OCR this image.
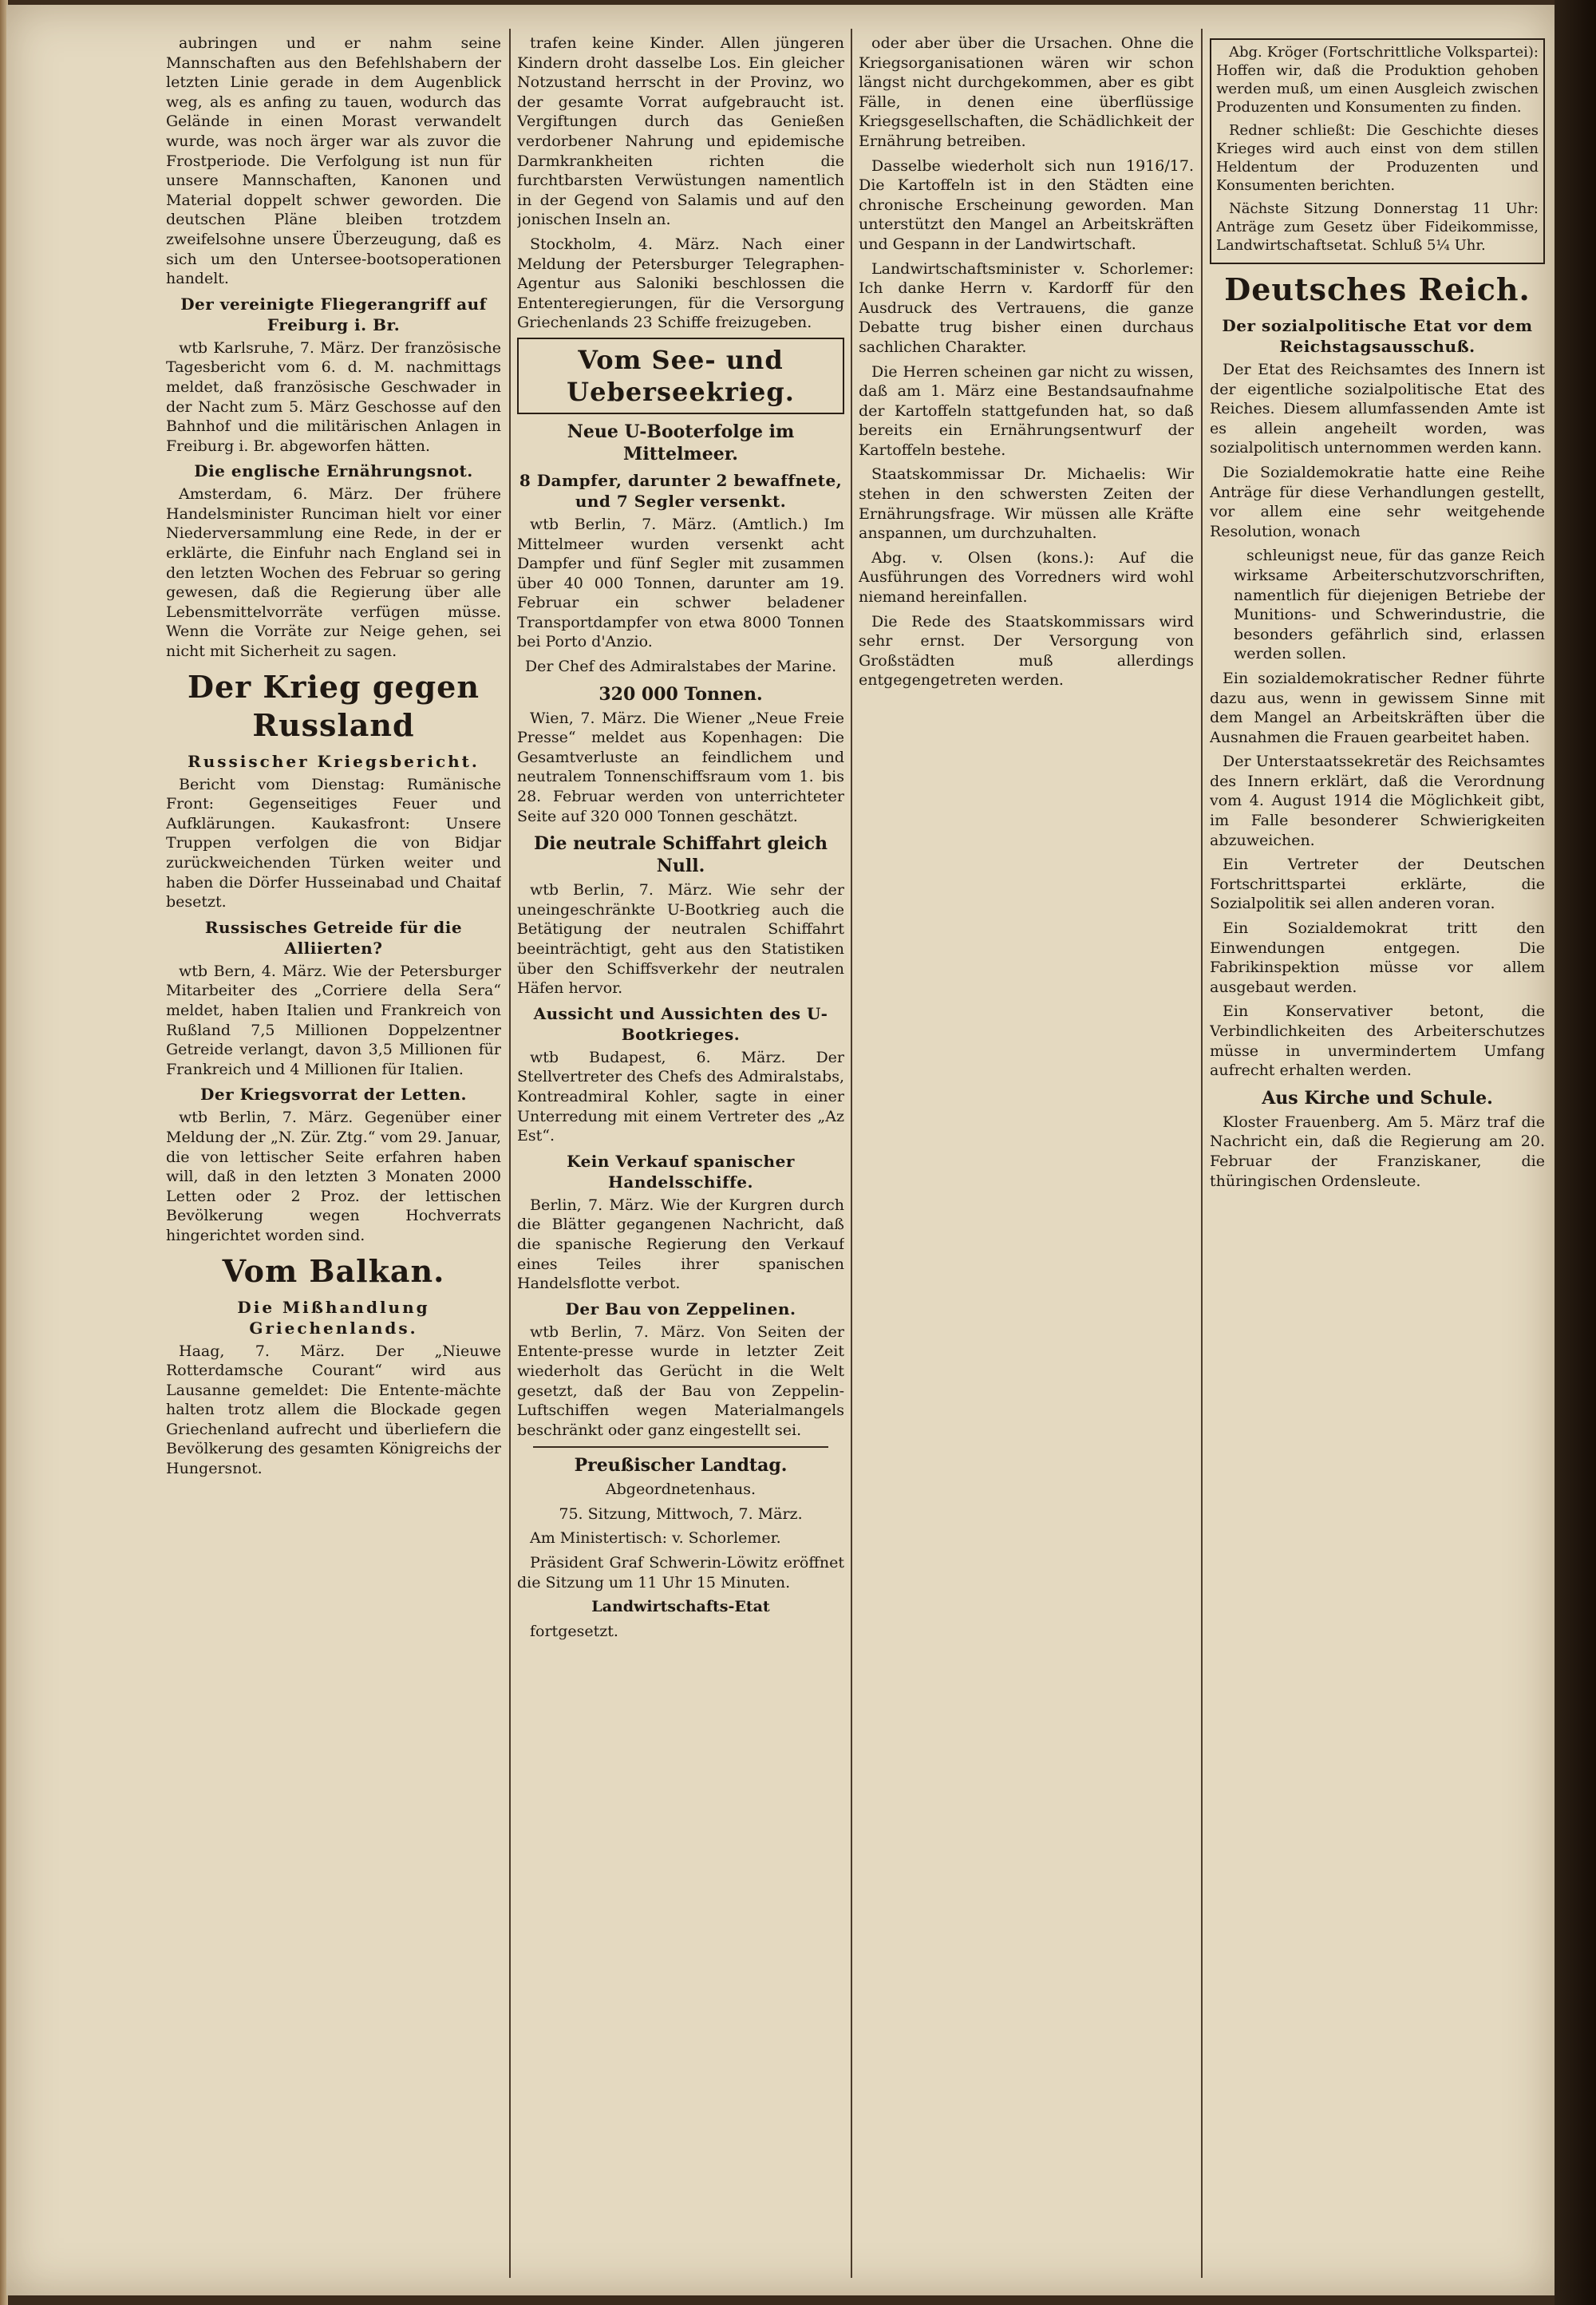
aubringen und er nahm seine Mannschaften aus den Befehlshabern der letzten Linie gerade in dem Augenblick weg, als es anfing zu tauen, wodurch das Gelände in einen Morast verwandelt wurde, was noch ärger war als zuvor die Frostperiode. Die Verfolgung ist nun für unsere Mannschaften, Kanonen und Material doppelt schwer geworden. Die deutschen Pläne bleiben trotzdem zweifelsohne unsere Überzeugung, daß es sich um den Untersee-bootsoperationen handelt.

Der vereinigte Fliegerangriff auf Freiburg i. Br.

wtb Karlsruhe, 7. März. Der französische Tagesbericht vom 6. d. M. nachmittags meldet, daß französische Geschwader in der Nacht zum 5. März Geschosse auf den Bahnhof und die militärischen Anlagen in Freiburg i. Br. abgeworfen hätten.

Die englische Ernährungsnot.

Amsterdam, 6. März. Der frühere Handelsminister Runciman hielt vor einer Niederversammlung eine Rede, in der er erklärte, die Einfuhr nach England sei in den letzten Wochen des Februar so gering gewesen, daß die Regierung über alle Lebensmittelvorräte verfügen müsse. Wenn die Vorräte zur Neige gehen, sei nicht mit Sicherheit zu sagen.

Der Krieg gegen Russland
Russischer Kriegsbericht.

Bericht vom Dienstag: Rumänische Front: Gegenseitiges Feuer und Aufklärungen. Kaukasfront: Unsere Truppen verfolgen die von Bidjar zurückweichenden Türken weiter und haben die Dörfer Husseinabad und Chaitaf besetzt.

Russisches Getreide für die Alliierten?

wtb Bern, 4. März. Wie der Petersburger Mitarbeiter des „Corriere della Sera“ meldet, haben Italien und Frankreich von Rußland 7,5 Millionen Doppelzentner Getreide verlangt, davon 3,5 Millionen für Frankreich und 4 Millionen für Italien.

Der Kriegsvorrat der Letten.

wtb Berlin, 7. März. Gegenüber einer Meldung der „N. Zür. Ztg.“ vom 29. Januar, die von lettischer Seite erfahren haben will, daß in den letzten 3 Monaten 2000 Letten oder 2 Proz. der lettischen Bevölkerung wegen Hochverrats hingerichtet worden sind.

Vom Balkan.
Die Mißhandlung Griechenlands.

Haag, 7. März. Der „Nieuwe Rotterdamsche Courant“ wird aus Lausanne gemeldet: Die Entente-mächte halten trotz allem die Blockade gegen Griechenland aufrecht und überliefern die Bevölkerung des gesamten Königreichs der Hungersnot.

trafen keine Kinder. Allen jüngeren Kindern droht dasselbe Los. Ein gleicher Notzustand herrscht in der Provinz, wo der gesamte Vorrat aufgebraucht ist. Vergiftungen durch das Genießen verdorbener Nahrung und epidemische Darmkrankheiten richten die furchtbarsten Verwüstungen namentlich in der Gegend von Salamis und auf den jonischen Inseln an.

Stockholm, 4. März. Nach einer Meldung der Petersburger Telegraphen-Agentur aus Saloniki beschlossen die Ententeregierungen, für die Versorgung Griechenlands 23 Schiffe freizugeben.

Vom See- und Ueberseekrieg.
Neue U-Booterfolge im Mittelmeer.
8 Dampfer, darunter 2 bewaffnete, und 7 Segler versenkt.

wtb Berlin, 7. März. (Amtlich.) Im Mittelmeer wurden versenkt acht Dampfer und fünf Segler mit zusammen über 40 000 Tonnen, darunter am 19. Februar ein schwer beladener Transportdampfer von etwa 8000 Tonnen bei Porto d'Anzio.

Der Chef des Admiralstabes der Marine.

320 000 Tonnen.

Wien, 7. März. Die Wiener „Neue Freie Presse“ meldet aus Kopenhagen: Die Gesamtverluste an feindlichem und neutralem Tonnenschiffsraum vom 1. bis 28. Februar werden von unterrichteter Seite auf 320 000 Tonnen geschätzt.

Die neutrale Schiffahrt gleich Null.

wtb Berlin, 7. März. Wie sehr der uneingeschränkte U-Bootkrieg auch die Betätigung der neutralen Schiffahrt beeinträchtigt, geht aus den Statistiken über den Schiffsverkehr der neutralen Häfen hervor.

Aussicht und Aussichten des U-Bootkrieges.

wtb Budapest, 6. März. Der Stellvertreter des Chefs des Admiralstabs, Kontreadmiral Kohler, sagte in einer Unterredung mit einem Vertreter des „Az Est“.

Kein Verkauf spanischer Handelsschiffe.

Berlin, 7. März. Wie der Kurgren durch die Blätter gegangenen Nachricht, daß die spanische Regierung den Verkauf eines Teiles ihrer spanischen Handelsflotte verbot.

Der Bau von Zeppelinen.

wtb Berlin, 7. März. Von Seiten der Entente-presse wurde in letzter Zeit wiederholt das Gerücht in die Welt gesetzt, daß der Bau von Zeppelin-Luftschiffen wegen Materialmangels beschränkt oder ganz eingestellt sei.

Preußischer Landtag.

Abgeordnetenhaus.

75. Sitzung, Mittwoch, 7. März.

Am Ministertisch: v. Schorlemer.

Präsident Graf Schwerin-Löwitz eröffnet die Sitzung um 11 Uhr 15 Minuten.

Landwirtschafts-Etat

fortgesetzt.

oder aber über die Ursachen. Ohne die Kriegsorganisationen wären wir schon längst nicht durchgekommen, aber es gibt Fälle, in denen eine überflüssige Kriegsgesellschaften, die Schädlichkeit der Ernährung betreiben.

Dasselbe wiederholt sich nun 1916/17. Die Kartoffeln ist in den Städten eine chronische Erscheinung geworden. Man unterstützt den Mangel an Arbeitskräften und Gespann in der Landwirtschaft.

Landwirtschaftsminister v. Schorlemer: Ich danke Herrn v. Kardorff für den Ausdruck des Vertrauens, die ganze Debatte trug bisher einen durchaus sachlichen Charakter.

Die Herren scheinen gar nicht zu wissen, daß am 1. März eine Bestandsaufnahme der Kartoffeln stattgefunden hat, so daß bereits ein Ernährungsentwurf der Kartoffeln bestehe.

Staatskommissar Dr. Michaelis: Wir stehen in den schwersten Zeiten der Ernährungsfrage. Wir müssen alle Kräfte anspannen, um durchzuhalten.

Abg. v. Olsen (kons.): Auf die Ausführungen des Vorredners wird wohl niemand hereinfallen.

Die Rede des Staatskommissars wird sehr ernst. Der Versorgung von Großstädten muß allerdings entgegengetreten werden.

Abg. Kröger (Fortschrittliche Volkspartei): Hoffen wir, daß die Produktion gehoben werden muß, um einen Ausgleich zwischen Produzenten und Konsumenten zu finden.

Redner schließt: Die Geschichte dieses Krieges wird auch einst von dem stillen Heldentum der Produzenten und Konsumenten berichten.

Nächste Sitzung Donnerstag 11 Uhr: Anträge zum Gesetz über Fideikommisse, Landwirtschaftsetat. Schluß 5¼ Uhr.

Deutsches Reich.
Der sozialpolitische Etat vor dem Reichstagsausschuß.

Der Etat des Reichsamtes des Innern ist der eigentliche sozialpolitische Etat des Reiches. Diesem allumfassenden Amte ist es allein angeheilt worden, was sozialpolitisch unternommen werden kann.

Die Sozialdemokratie hatte eine Reihe Anträge für diese Verhandlungen gestellt, vor allem eine sehr weitgehende Resolution, wonach

schleunigst neue, für das ganze Reich wirksame Arbeiterschutzvorschriften, namentlich für diejenigen Betriebe der Munitions- und Schwerindustrie, die besonders gefährlich sind, erlassen werden sollen.

Ein sozialdemokratischer Redner führte dazu aus, wenn in gewissem Sinne mit dem Mangel an Arbeitskräften über die Ausnahmen die Frauen gearbeitet haben.

Der Unterstaatssekretär des Reichsamtes des Innern erklärt, daß die Verordnung vom 4. August 1914 die Möglichkeit gibt, im Falle besonderer Schwierigkeiten abzuweichen.

Ein Vertreter der Deutschen Fortschrittspartei erklärte, die Sozialpolitik sei allen anderen voran.

Ein Sozialdemokrat tritt den Einwendungen entgegen. Die Fabrikinspektion müsse vor allem ausgebaut werden.

Ein Konservativer betont, die Verbindlichkeiten des Arbeiterschutzes müsse in unvermindertem Umfang aufrecht erhalten werden.

Aus Kirche und Schule.

Kloster Frauenberg. Am 5. März traf die Nachricht ein, daß die Regierung am 20. Februar der Franziskaner, die thüringischen Ordensleute.
